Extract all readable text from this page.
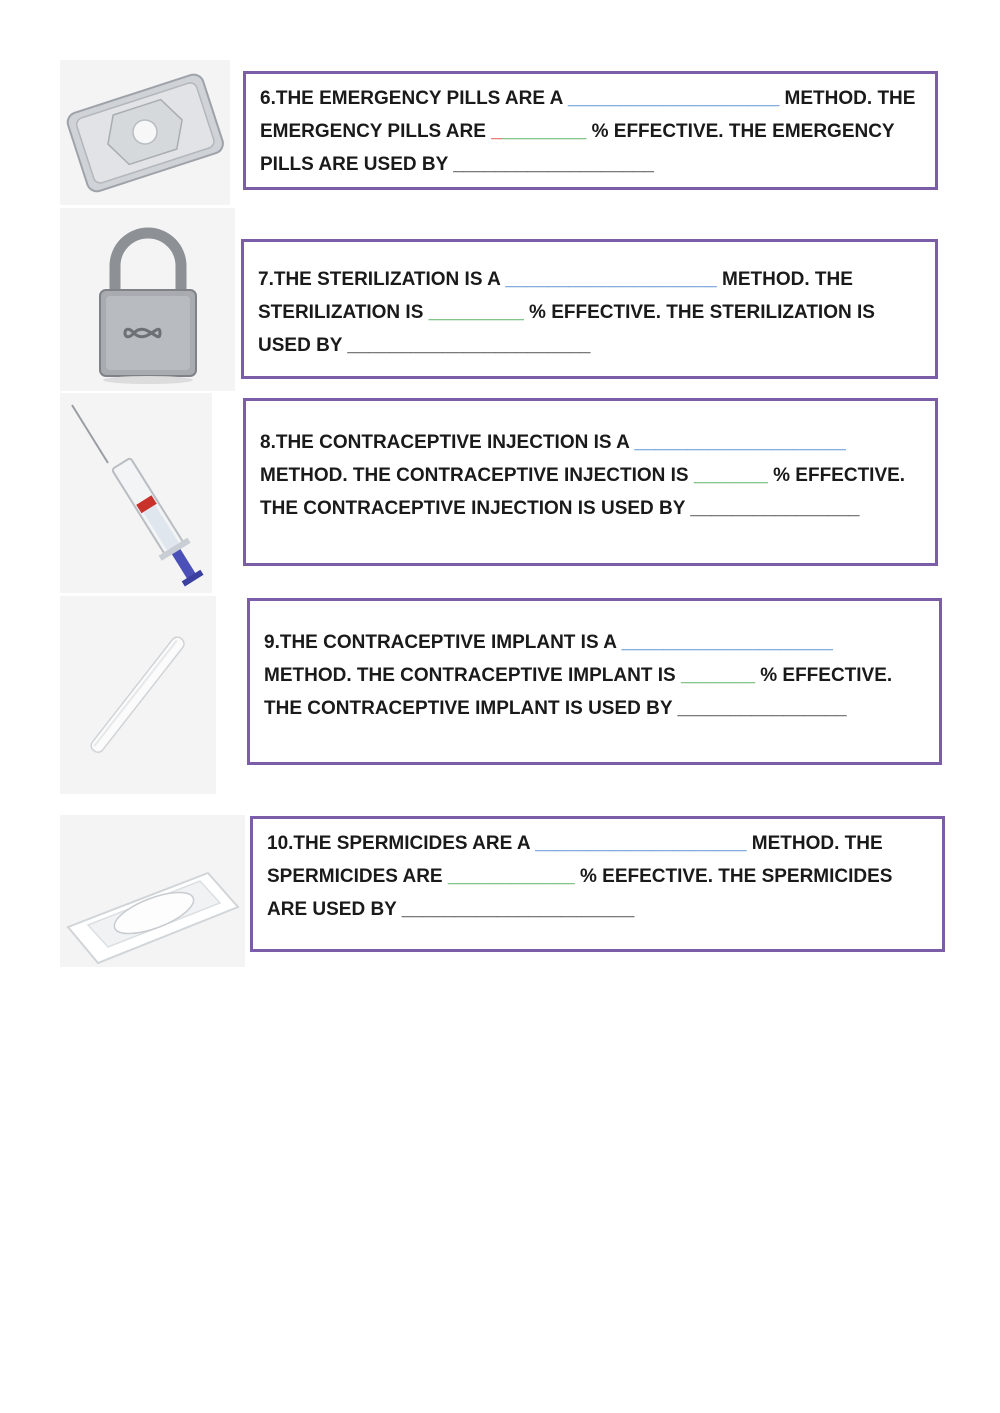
6.THE EMERGENCY PILLS ARE A ____________________ METHOD. THE EMERGENCY PILLS ARE _________ % EFFECTIVE. THE EMERGENCY PILLS ARE USED BY ___________________
7.THE STERILIZATION IS A ____________________ METHOD. THE STERILIZATION IS _________ % EFFECTIVE. THE STERILIZATION IS USED BY _______________________
8.THE CONTRACEPTIVE INJECTION IS A ____________________ METHOD. THE CONTRACEPTIVE INJECTION IS _______ % EFFECTIVE. THE CONTRACEPTIVE INJECTION IS USED BY ________________
9.THE CONTRACEPTIVE IMPLANT IS A ____________________ METHOD. THE CONTRACEPTIVE IMPLANT IS _______ % EFFECTIVE. THE CONTRACEPTIVE IMPLANT IS USED BY ________________
10.THE SPERMICIDES ARE A ____________________ METHOD. THE SPERMICIDES ARE ____________ % EEFECTIVE. THE SPERMICIDES ARE USED BY ______________________
